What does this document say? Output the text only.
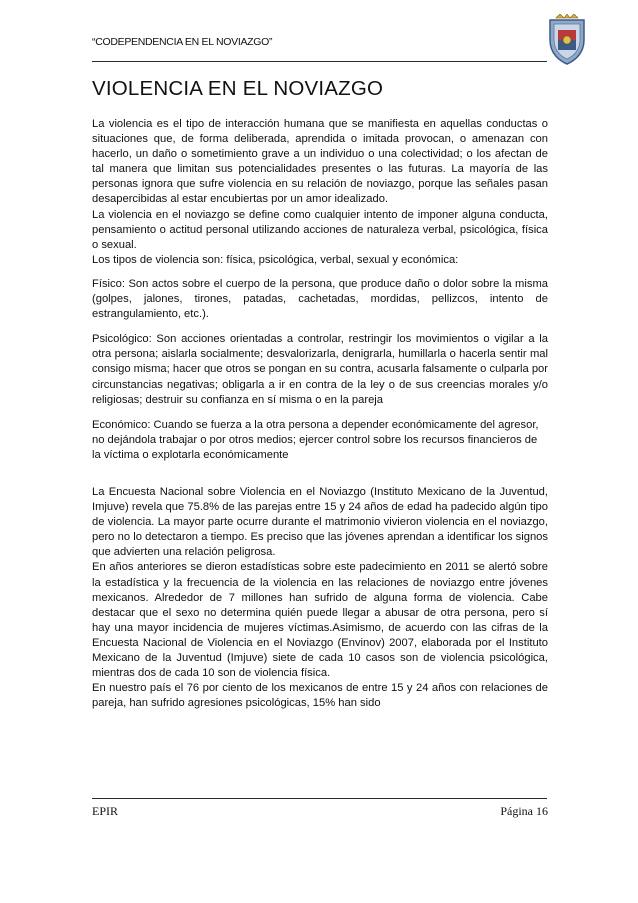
“CODEPENDENCIA EN EL NOVIAZGO”
VIOLENCIA EN EL NOVIAZGO

La violencia es el tipo de interacción humana que se manifiesta en aquellas conductas o situaciones que, de forma deliberada, aprendida o imitada provocan, o amenazan con hacerlo, un daño o sometimiento grave a un individuo o una colectividad; o los afectan de tal manera que limitan sus potencialidades presentes o las futuras. La mayoría de las personas ignora que sufre violencia en su relación de noviazgo, porque las señales pasan desapercibidas al estar encubiertas por un amor idealizado.

La violencia en el noviazgo se define como cualquier intento de imponer alguna conducta, pensamiento o actitud personal utilizando acciones de naturaleza verbal, psicológica, física o sexual.

Los tipos de violencia son: física, psicológica, verbal, sexual y económica:

Físico: Son actos sobre el cuerpo de la persona, que produce daño o dolor sobre la misma (golpes, jalones, tirones, patadas, cachetadas, mordidas, pellizcos, intento de estrangulamiento, etc.).

Psicológico: Son acciones orientadas a controlar, restringir los movimientos o vigilar a la otra persona; aislarla socialmente; desvalorizarla, denigrarla, humillarla o hacerla sentir mal consigo misma; hacer que otros se pongan en su contra, acusarla falsamente o culparla por circunstancias negativas; obligarla a ir en contra de la ley o de sus creencias morales y/o religiosas; destruir su confianza en sí misma o en la pareja

Económico: Cuando se fuerza a la otra persona a depender económicamente del agresor, no dejándola trabajar o por otros medios; ejercer control sobre los recursos financieros de la víctima o explotarla económicamente

La Encuesta Nacional sobre Violencia en el Noviazgo (Instituto Mexicano de la Juventud, Imjuve) revela que 75.8% de las parejas entre 15 y 24 años de edad ha padecido algún tipo de violencia. La mayor parte ocurre durante el matrimonio vivieron violencia en el noviazgo, pero no lo detectaron a tiempo. Es preciso que las jóvenes aprendan a identificar los signos que advierten una relación peligrosa.

En años anteriores se dieron estadísticas sobre este padecimiento en 2011 se alertó sobre la estadística y la frecuencia de la violencia en las relaciones de noviazgo entre jóvenes mexicanos. Alrededor de 7 millones han sufrido de alguna forma de violencia. Cabe destacar que el sexo no determina quién puede llegar a abusar de otra persona, pero sí hay una mayor incidencia de mujeres víctimas.Asimismo, de acuerdo con las cifras de la Encuesta Nacional de Violencia en el Noviazgo (Envinov) 2007, elaborada por el Instituto Mexicano de la Juventud (Imjuve) siete de cada 10 casos son de violencia psicológica, mientras dos de cada 10 son de violencia física.

En nuestro país el 76 por ciento de los mexicanos de entre 15 y 24 años con relaciones de pareja, han sufrido agresiones psicológicas, 15% han sido

EPIR	Página 16
